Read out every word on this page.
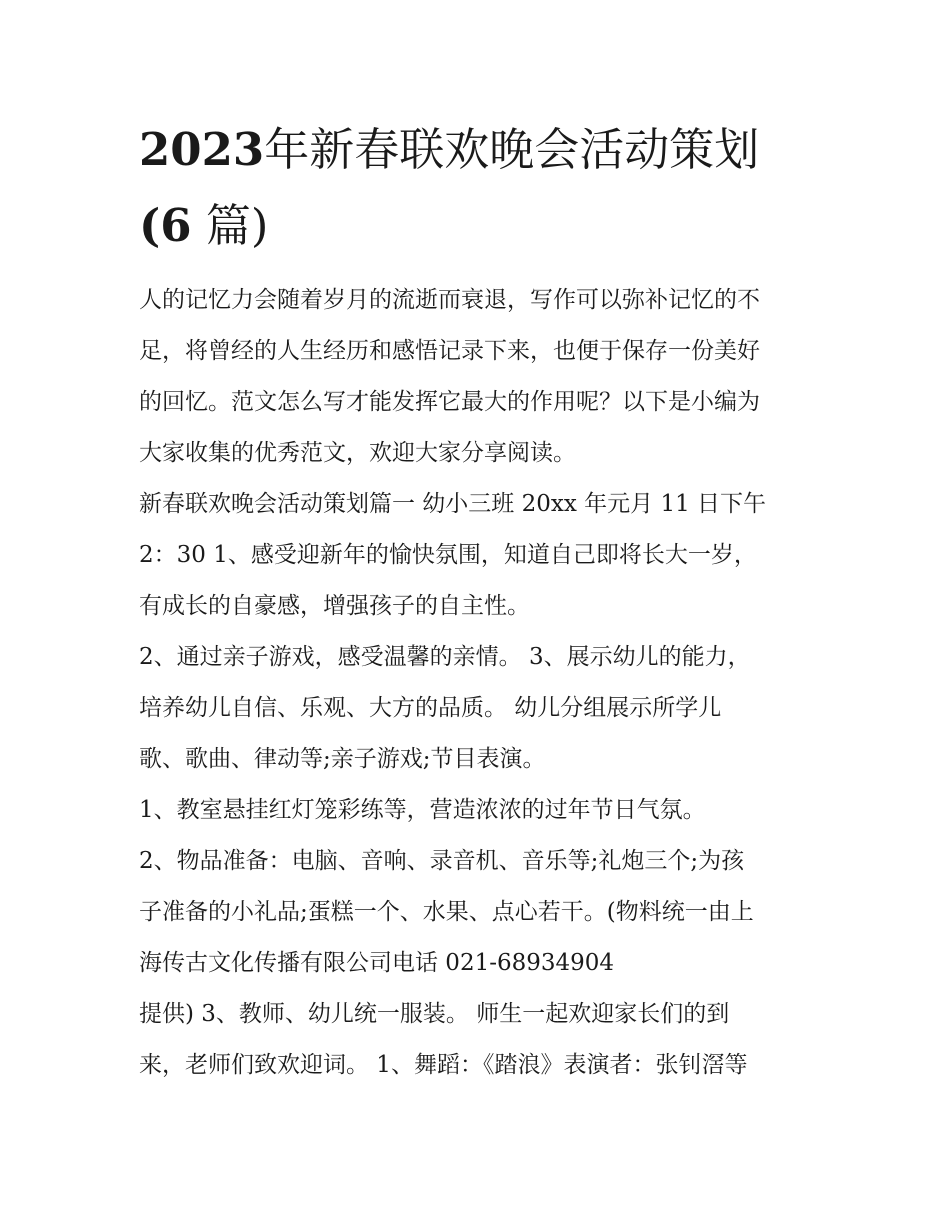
2023年新春联欢晚会活动策划
(6 篇)

人的记忆力会随着岁月的流逝而衰退，写作可以弥补记忆的不

足，将曾经的人生经历和感悟记录下来，也便于保存一份美好

的回忆。范文怎么写才能发挥它最大的作用呢？以下是小编为

大家收集的优秀范文，欢迎大家分享阅读。

新春联欢晚会活动策划篇一 幼小三班 20xx 年元月 11 日下午

2：30 1、感受迎新年的愉快氛围，知道自己即将长大一岁，

有成长的自豪感，增强孩子的自主性。

2、通过亲子游戏，感受温馨的亲情。 3、展示幼儿的能力，

培养幼儿自信、乐观、大方的品质。 幼儿分组展示所学儿

歌、歌曲、律动等;亲子游戏;节目表演。

1、教室悬挂红灯笼彩练等，营造浓浓的过年节日气氛。

2、物品准备：电脑、音响、录音机、音乐等;礼炮三个;为孩

子准备的小礼品;蛋糕一个、水果、点心若干。(物料统一由上

海传古文化传播有限公司电话 021-68934904

提供) 3、教师、幼儿统一服装。 师生一起欢迎家长们的到

来，老师们致欢迎词。 1、舞蹈：《踏浪》表演者：张钊滘等
